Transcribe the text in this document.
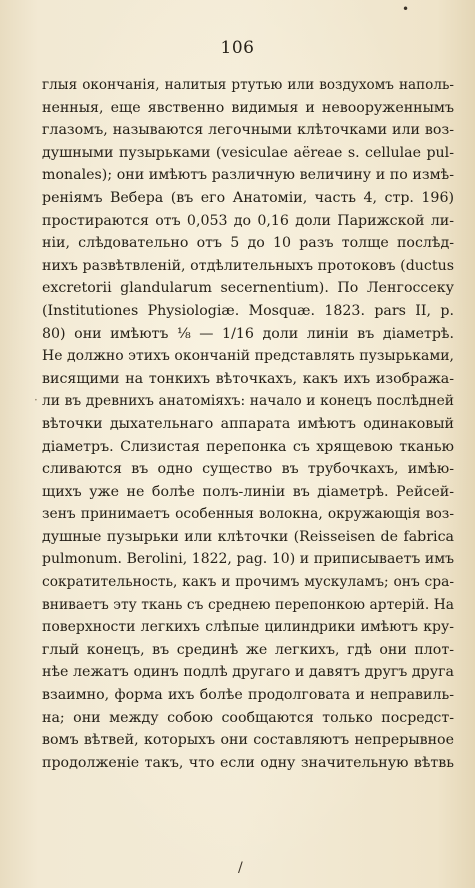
•
106
глыя окончанія, налитыя ртутью или воздухомъ наполь-
ненныя, еще явственно видимыя и невооруженнымъ
глазомъ, называются легочными клѣточками или воз-
душными пузырьками (vesiculae aëreae s. cellulae pul-
monales); они имѣютъ различную величину и по измѣ-
реніямъ Вебера (въ его Анатоміи, часть 4, стр. 196)
простираются отъ 0,053 до 0,16 доли Парижской ли-
ніи, слѣдовательно отъ 5 до 10 разъ толще послѣд-
нихъ развѣтвленій, отдѣлительныхъ протоковъ (ductus
excretorii glandularum secernentium). По Ленгоссеку
(Institutiones Physiologiæ. Mosquæ. 1823. pars II, p.
80) они имѣютъ ⅛ — 1/16 доли линіи въ діаметрѣ.
Не должно этихъ окончаній представлять пузырьками,
висящими на тонкихъ вѣточкахъ, какъ ихъ изобража-
ли въ древнихъ анатоміяхъ: начало и конецъ послѣдней
вѣточки дыхательнаго аппарата имѣютъ одинаковый
діаметръ. Слизистая перепонка съ хрящевою тканью
сливаются въ одно существо въ трубочкахъ, имѣю-
щихъ уже не болѣе полъ-линіи въ діаметрѣ. Рейсей-
зенъ принимаетъ особенныя волокна, окружающія воз-
душные пузырьки или клѣточки (Reisseisen de fabrica
pulmonum. Berolini, 1822, pag. 10) и приписываетъ имъ
сократительность, какъ и прочимъ мускуламъ; онъ сра-
вниваетъ эту ткань съ среднею перепонкою артерій. На
поверхности легкихъ слѣпые цилиндрики имѣютъ кру-
глый конецъ, въ срединѣ же легкихъ, гдѣ они плот-
нѣе лежатъ одинъ подлѣ другаго и давятъ другъ друга
взаимно, форма ихъ болѣе продолговата и неправиль-
на; они между собою сообщаются только посредст-
вомъ вѣтвей, которыхъ они составляютъ непрерывное
продолженіе такъ, что если одну значительную вѣтвь
·
/
